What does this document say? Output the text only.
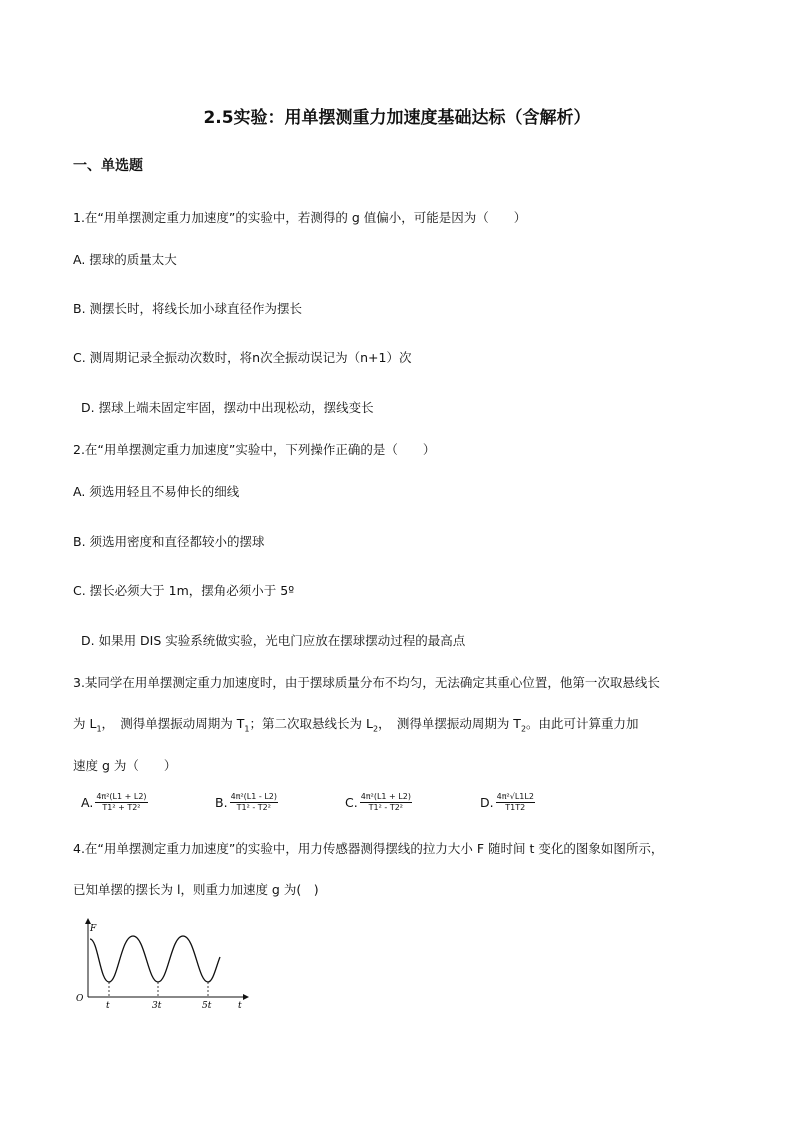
2.5实验：用单摆测重力加速度基础达标（含解析）
一、单选题
1.在“用单摆测定重力加速度”的实验中，若测得的 g 值偏小，可能是因为（　　）
A. 摆球的质量太大
B. 测摆长时，将线长加小球直径作为摆长
C. 测周期记录全振动次数时，将n次全振动误记为（n+1）次
D. 摆球上端未固定牢固，摆动中出现松动，摆线变长
2.在“用单摆测定重力加速度”实验中，下列操作正确的是（　　）
A. 须选用轻且不易伸长的细线
B. 须选用密度和直径都较小的摆球
C. 摆长必须大于 1m，摆角必须小于 5º
D. 如果用 DIS 实验系统做实验，光电门应放在摆球摆动过程的最高点
3.某同学在用单摆测定重力加速度时，由于摆球质量分布不均匀，无法确定其重心位置，他第一次取悬线长
为 $L_1$，　测得单摆振动周期为 $T_1$；第二次取悬线长为 $L_2$，　测得单摆振动周期为 $T_2$。由此可计算重力加
速度 g 为（　　）
A. $\frac{\text{4π²(L1 + L2)}}{\text{T1² + T2²}}$	B. $\frac{\text{4π²(L1 - L2)}}{\text{T1² - T2²}}$	C. $\frac{\text{4π²(L1 + L2)}}{\text{T1² - T2²}}$	D. $\frac{\text{4π²√L1L2}}{T1T2}$
4.在“用单摆测定重力加速度”的实验中，用力传感器测得摆线的拉力大小 F 随时间 t 变化的图象如图所示，
已知单摆的摆长为 l，则重力加速度 g 为(　)
F
t
O
t	3t	5t
